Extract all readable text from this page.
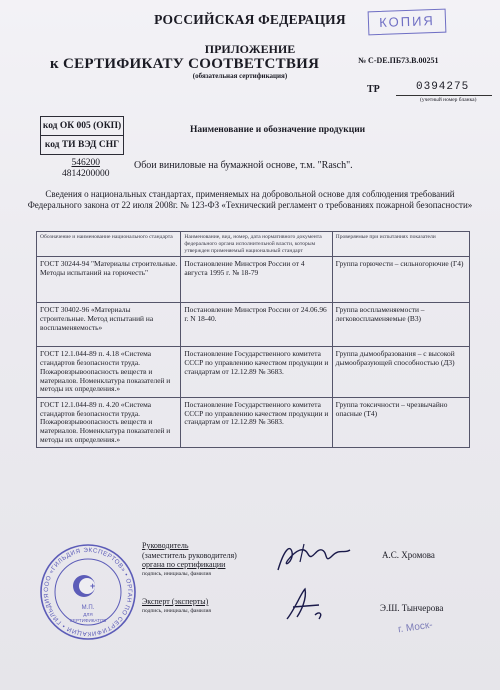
РОССИЙСКАЯ ФЕДЕРАЦИЯ	КОПИЯ
ПРИЛОЖЕНИЕ
к СЕРТИФИКАТУ СООТВЕТСТВИЯ	№ C-DE.ПБ73.В.00251
(обязательная сертификация)
ТР	0394275
(учетный номер бланка)
код ОК 005 (ОКП)
код ТИ ВЭД СНГ
Наименование и обозначение продукции
546200
4814200000
Обои виниловые на бумажной основе, т.м. "Rasch".
Сведения о национальных стандартах, применяемых на добровольной основе для соблюдения требований Федерального закона от 22 июля 2008г. № 123-ФЗ «Технический регламент о требованиях пожарной безопасности»
Обозначение и наименование национального стандарта	Наименование, вид, номер, дата нормативного документа федерального органа исполнительной власти, которым утвержден применяемый национальный стандарт	Проверяемые при испытаниях показатели
ГОСТ 30244-94 "Материалы строительные. Методы испытаний на горючесть"	Постановление Минстроя России от 4 августа 1995 г. № 18-79	Группа горючести – сильногорючие (Г4)
ГОСТ 30402-96 «Материалы строительные. Метод испытаний на воспламеняемость»	Постановление Минстроя России от 24.06.96 г. N 18-40.	Группа воспламеняемости – легковоспламеняемые (В3)
ГОСТ 12.1.044-89 п. 4.18 «Система стандартов безопасности труда. Пожаровзрывоопасность веществ и материалов. Номенклатура показателей и методы их определения.»	Постановление Государственного комитета СССР по управлению качеством продукции и стандартам от 12.12.89 № 3683.	Группа дымообразования – с высокой дымообразующей способностью (Д3)
ГОСТ 12.1.044-89 п. 4.20 «Система стандартов безопасности труда. Пожаровзрывоопасность веществ и материалов. Номенклатура показателей и методы их определения.»	Постановление Государственного комитета СССР по управлению качеством продукции и стандартам от 12.12.89 № 3683.	Группа токсичности – чрезвычайно опасные (Т4)
ООО «ГИЛЬДИЯ ЭКСПЕРТОВ» • ОРГАН ПО СЕРТИФИКАЦИИ • ГИЛЬДИЯ
+
М.П.
ДЛЯ
СЕРТИФИКАТОВ
Руководитель
(заместитель руководителя)
органа по сертификации
подпись, инициалы, фамилия
А.С. Хромова
Эксперт (эксперты)
подпись, инициалы, фамилия	Э.Ш. Тынчерова
г. Моск-
